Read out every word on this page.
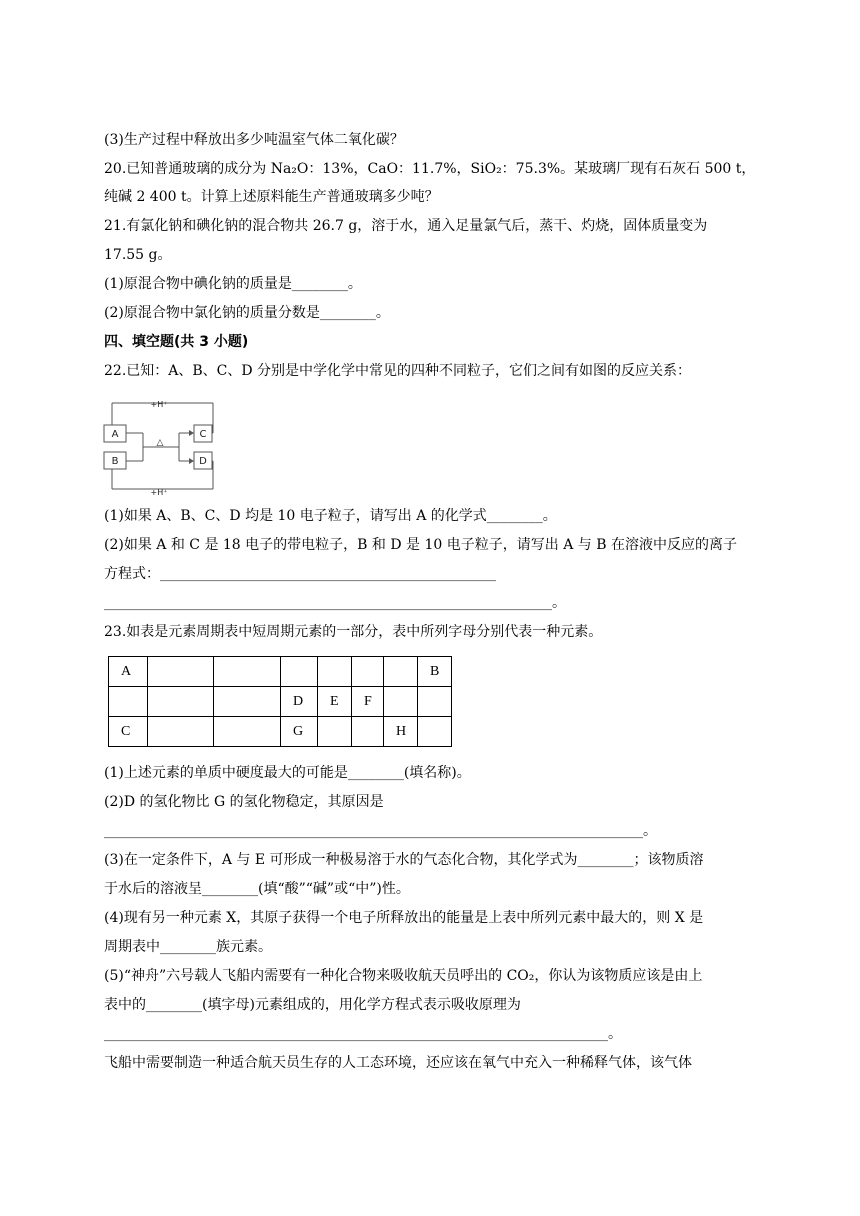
(3)生产过程中释放出多少吨温室气体二氧化碳？
20.已知普通玻璃的成分为 Na₂O：13%，CaO：11.7%，SiO₂：75.3%。某玻璃厂现有石灰石 500 t，
纯碱 2 400 t。计算上述原料能生产普通玻璃多少吨？
21.有氯化钠和碘化钠的混合物共 26.7 g，溶于水，通入足量氯气后，蒸干、灼烧，固体质量变为
17.55 g。
(1)原混合物中碘化钠的质量是________。
(2)原混合物中氯化钠的质量分数是________。
四、填空题(共 3 小题)
22.已知：A、B、C、D 分别是中学化学中常见的四种不同粒子，它们之间有如图的反应关系：
A
B
C
D
+H⁺
+H⁺
△
(1)如果 A、B、C、D 均是 10 电子粒子，请写出 A 的化学式________。
(2)如果 A 和 C 是 18 电子的带电粒子，B 和 D 是 10 电子粒子，请写出 A 与 B 在溶液中反应的离子
方程式：________________________________________________
________________________________________________________________。
23.如表是元素周期表中短周期元素的一部分，表中所列字母分别代表一种元素。
A							B
			D	E	F		
C			G			H	
(1)上述元素的单质中硬度最大的可能是________(填名称)。
(2)D 的氢化物比 G 的氢化物稳定，其原因是
_____________________________________________________________________________。
(3)在一定条件下，A 与 E 可形成一种极易溶于水的气态化合物，其化学式为________；该物质溶
于水后的溶液呈________(填“酸”“碱”或“中”)性。
(4)现有另一种元素 X，其原子获得一个电子所释放出的能量是上表中所列元素中最大的，则 X 是
周期表中________族元素。
(5)“神舟”六号载人飞船内需要有一种化合物来吸收航天员呼出的 CO₂，你认为该物质应该是由上
表中的________(填字母)元素组成的，用化学方程式表示吸收原理为
________________________________________________________________________。
飞船中需要制造一种适合航天员生存的人工态环境，还应该在氧气中充入一种稀释气体，该气体
